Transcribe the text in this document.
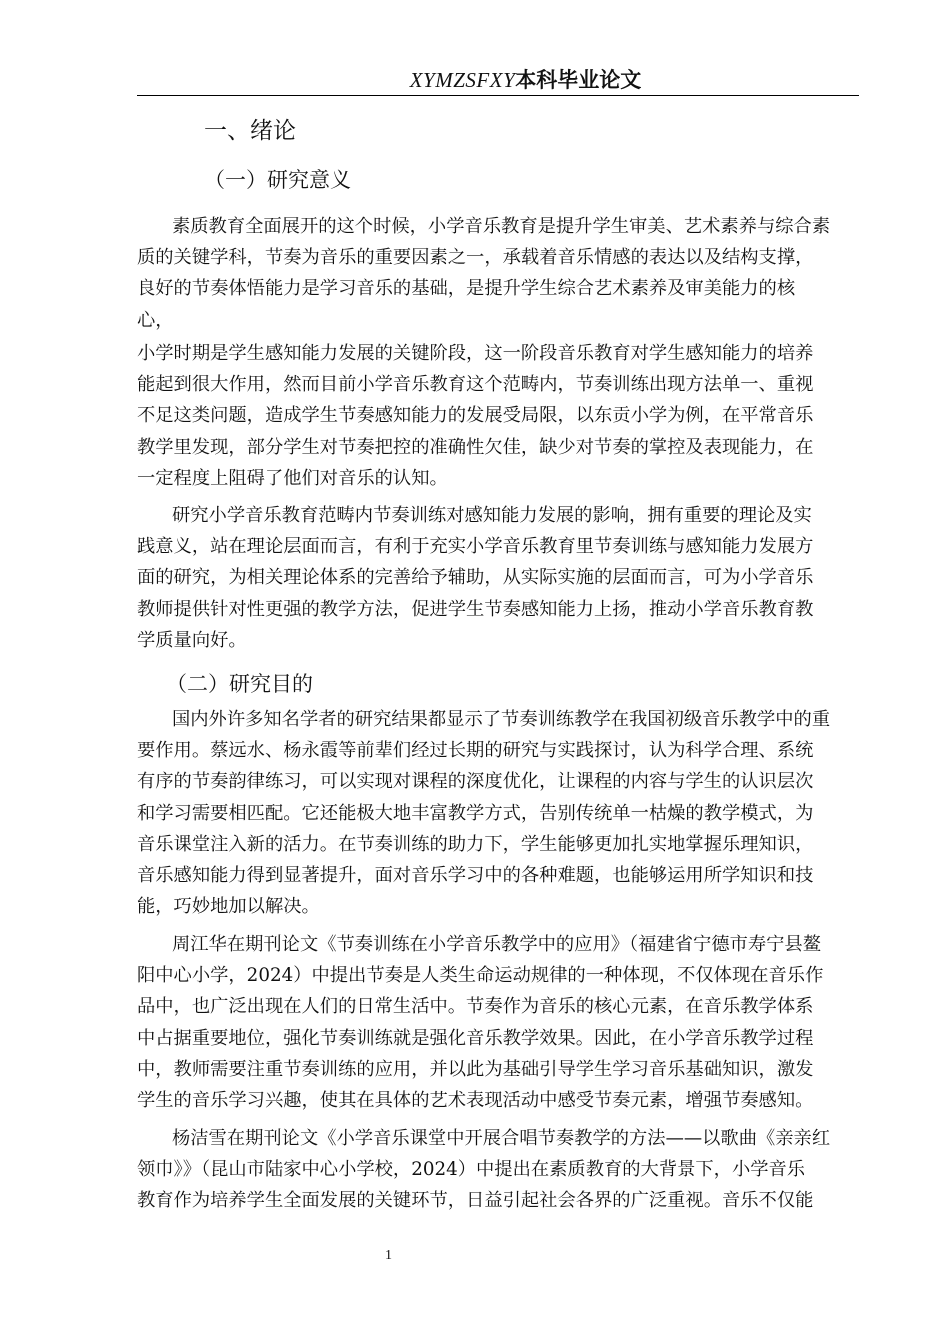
XYMZSFXY本科毕业论文
一、绪论
（一）研究意义
（二）研究目的
素质教育全面展开的这个时候，小学音乐教育是提升学生审美、艺术素养与综合素
质的关键学科，节奏为音乐的重要因素之一，承载着音乐情感的表达以及结构支撑，
良好的节奏体悟能力是学习音乐的基础，是提升学生综合艺术素养及审美能力的核
心，
小学时期是学生感知能力发展的关键阶段，这一阶段音乐教育对学生感知能力的培养
能起到很大作用，然而目前小学音乐教育这个范畴内，节奏训练出现方法单一、重视
不足这类问题，造成学生节奏感知能力的发展受局限，以东贡小学为例，在平常音乐
教学里发现，部分学生对节奏把控的准确性欠佳，缺少对节奏的掌控及表现能力，在
一定程度上阻碍了他们对音乐的认知。
研究小学音乐教育范畴内节奏训练对感知能力发展的影响，拥有重要的理论及实
践意义，站在理论层面而言，有利于充实小学音乐教育里节奏训练与感知能力发展方
面的研究，为相关理论体系的完善给予辅助，从实际实施的层面而言，可为小学音乐
教师提供针对性更强的教学方法，促进学生节奏感知能力上扬，推动小学音乐教育教
学质量向好。
国内外许多知名学者的研究结果都显示了节奏训练教学在我国初级音乐教学中的重
要作用。蔡远水、杨永霞等前辈们经过长期的研究与实践探讨，认为科学合理、系统
有序的节奏韵律练习，可以实现对课程的深度优化，让课程的内容与学生的认识层次
和学习需要相匹配。它还能极大地丰富教学方式，告别传统单一枯燥的教学模式，为
音乐课堂注入新的活力。在节奏训练的助力下，学生能够更加扎实地掌握乐理知识，
音乐感知能力得到显著提升，面对音乐学习中的各种难题，也能够运用所学知识和技
能，巧妙地加以解决。
周江华在期刊论文《节奏训练在小学音乐教学中的应用》（福建省宁德市寿宁县鳌
阳中心小学，2024）中提出节奏是人类生命运动规律的一种体现，不仅体现在音乐作
品中，也广泛出现在人们的日常生活中。节奏作为音乐的核心元素，在音乐教学体系
中占据重要地位，强化节奏训练就是强化音乐教学效果。因此，在小学音乐教学过程
中，教师需要注重节奏训练的应用，并以此为基础引导学生学习音乐基础知识，激发
学生的音乐学习兴趣，使其在具体的艺术表现活动中感受节奏元素，增强节奏感知。
杨洁雪在期刊论文《小学音乐课堂中开展合唱节奏教学的方法——以歌曲《亲亲红
领巾》》（昆山市陆家中心小学校，2024）中提出在素质教育的大背景下，小学音乐
教育作为培养学生全面发展的关键环节，日益引起社会各界的广泛重视。音乐不仅能
1
